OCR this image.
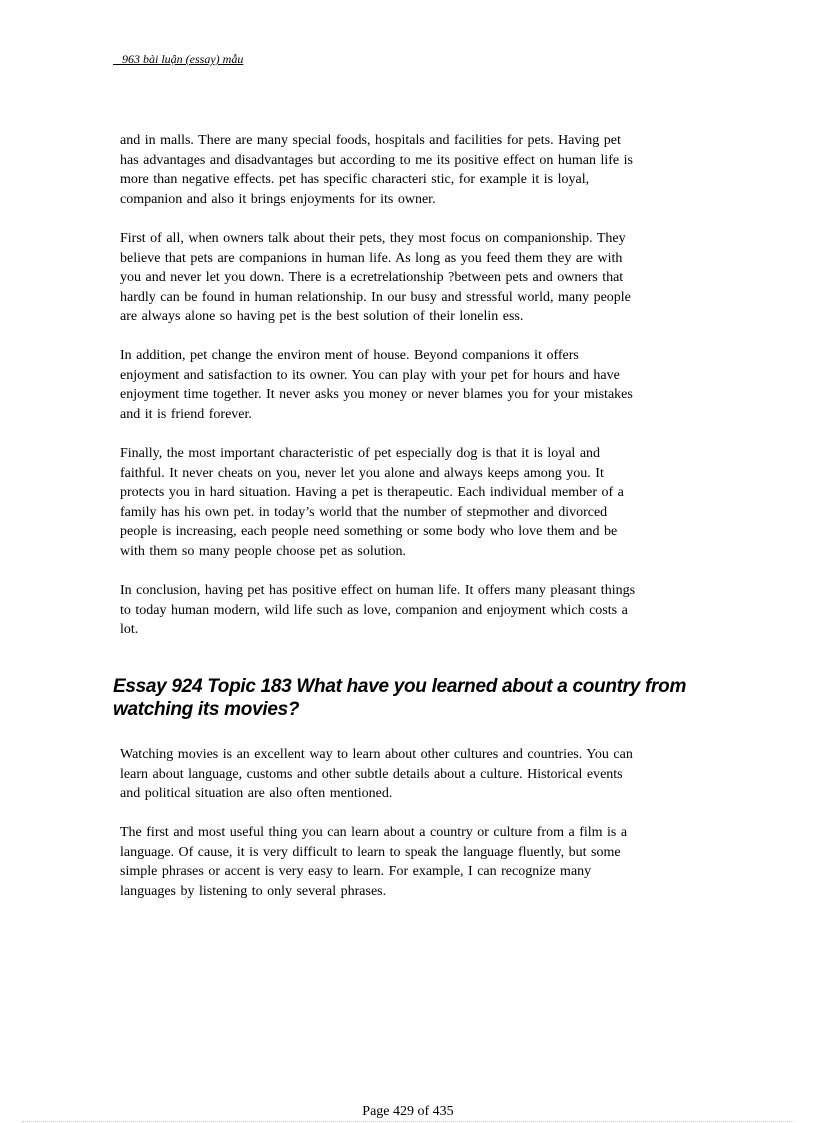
963 bài luận (essay) mẫu
and in malls. There are many special foods, hospitals and facilities for pets. Having pet
has advantages and disadvantages but according to me its positive effect on human life is
more than negative effects. pet has specific characteri stic, for example it is loyal,
companion and also it brings enjoyments for its owner.
First of all, when owners talk about their pets, they most focus on companionship. They
believe that pets are companions in human life. As long as you feed them they are with
you and never let you down. There is a ecretrelationship ?between pets and owners that
hardly can be found in human relationship. In our busy and stressful world, many people
are always alone so having pet is the best solution of their lonelin ess.
In addition, pet change the environ ment of house. Beyond companions it offers
enjoyment and satisfaction to its owner. You can play with your pet for hours and have
enjoyment time together. It never asks you money or never blames you for your mistakes
and it is friend forever.
Finally, the most important characteristic of pet especially dog is that it is loyal and
faithful. It never cheats on you, never let you alone and always keeps among you. It
protects you in hard situation. Having a pet is therapeutic. Each individual member of a
family has his own pet. in today’s world that the number of stepmother and divorced
people is increasing, each people need something or some body who love them and be
with them so many people choose pet as solution.
In conclusion, having pet has positive effect on human life. It offers many pleasant things
to today human modern, wild life such as love, companion and enjoyment which costs a
lot.
Essay 924 Topic 183 What have you learned about a country from
watching its movies?
Watching movies is an excellent way to learn about other cultures and countries. You can
learn about language, customs and other subtle details about a culture. Historical events
and political situation are also often mentioned.
The first and most useful thing you can learn about a country or culture from a film is a
language. Of cause, it is very difficult to learn to speak the language fluently, but some
simple phrases or accent is very easy to learn. For example, I can recognize many
languages by listening to only several phrases.
Page 429 of 435
